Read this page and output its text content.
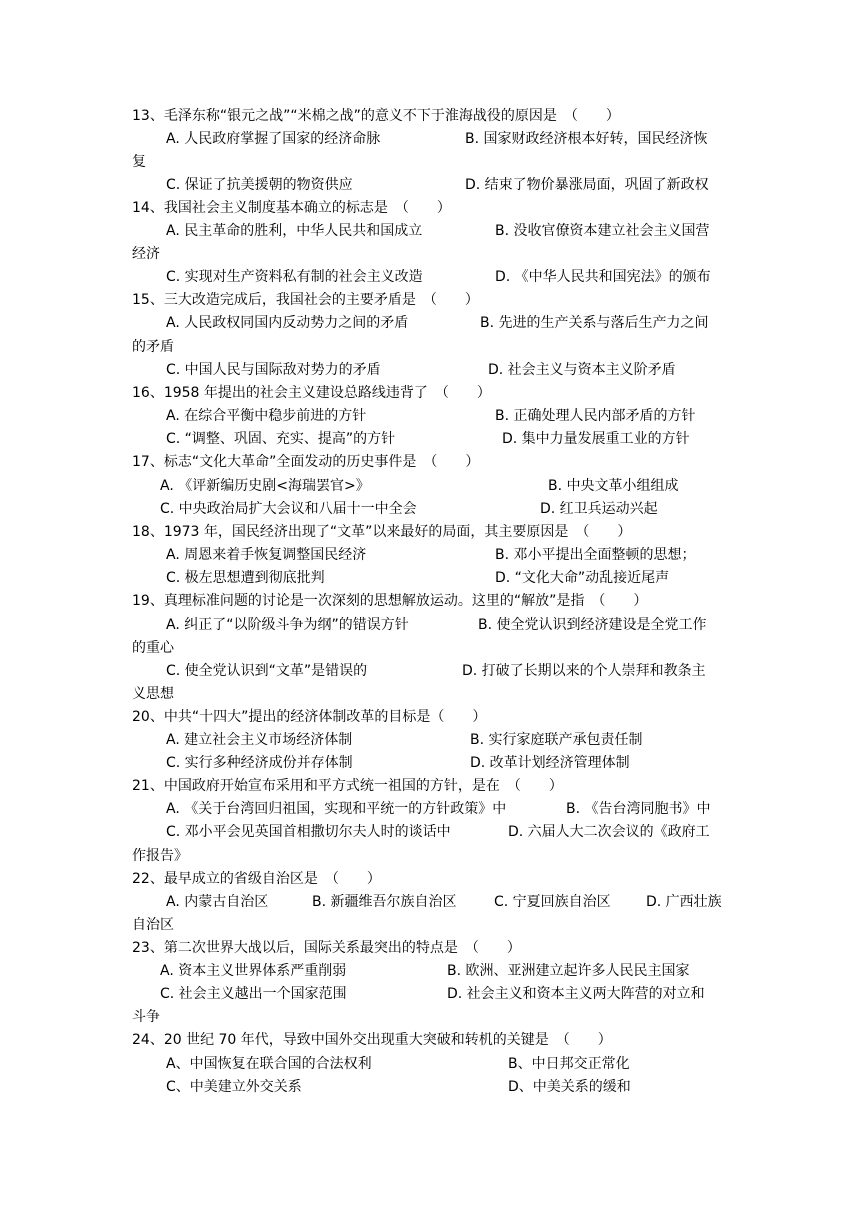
13、毛泽东称“银元之战”“米棉之战”的意义不下于淮海战役的原因是　（　　）
A. 人民政府掌握了国家的经济命脉	B. 国家财政经济根本好转，国民经济恢
复
C. 保证了抗美援朝的物资供应	D. 结束了物价暴涨局面，巩固了新政权
14、我国社会主义制度基本确立的标志是　（　　）
A. 民主革命的胜利，中华人民共和国成立	B. 没收官僚资本建立社会主义国营
经济
C. 实现对生产资料私有制的社会主义改造	D. 《中华人民共和国宪法》的颁布
15、三大改造完成后，我国社会的主要矛盾是　（　　）
A. 人民政权同国内反动势力之间的矛盾	B. 先进的生产关系与落后生产力之间
的矛盾
C. 中国人民与国际敌对势力的矛盾	D. 社会主义与资本主义阶矛盾
16、1958 年提出的社会主义建设总路线违背了　（　　）
A. 在综合平衡中稳步前进的方针	B. 正确处理人民内部矛盾的方针
C. “调整、巩固、充实、提高”的方针	D. 集中力量发展重工业的方针
17、标志“文化大革命”全面发动的历史事件是　（　　）
A. 《评新编历史剧<海瑞罢官>》	B. 中央文革小组组成
C. 中央政治局扩大会议和八届十一中全会	D. 红卫兵运动兴起
18、1973 年，国民经济出现了“文革”以来最好的局面，其主要原因是　（　　）
A. 周恩来着手恢复调整国民经济	B. 邓小平提出全面整顿的思想；
C. 极左思想遭到彻底批判	D. “文化大命”动乱接近尾声
19、真理标准问题的讨论是一次深刻的思想解放运动。这里的“解放”是指　（　　）
A. 纠正了“以阶级斗争为纲”的错误方针	B. 使全党认识到经济建设是全党工作
的重心
C. 使全党认识到“文革”是错误的	D. 打破了长期以来的个人崇拜和教条主
义思想
20、中共“十四大”提出的经济体制改革的目标是（　　）
A. 建立社会主义市场经济体制	B. 实行家庭联产承包责任制
C. 实行多种经济成份并存体制	D. 改革计划经济管理体制
21、中国政府开始宣布采用和平方式统一祖国的方针，是在　（　　）
A. 《关于台湾回归祖国，实现和平统一的方针政策》中	B. 《告台湾同胞书》中
C. 邓小平会见英国首相撒切尔夫人时的谈话中	D. 六届人大二次会议的《政府工
作报告》
22、最早成立的省级自治区是　（　　）
A. 内蒙古自治区	B. 新疆维吾尔族自治区	C. 宁夏回族自治区	D. 广西壮族
自治区
23、第二次世界大战以后，国际关系最突出的特点是　（　　）
A. 资本主义世界体系严重削弱	B. 欧洲、亚洲建立起许多人民民主国家
C. 社会主义越出一个国家范围	D. 社会主义和资本主义两大阵营的对立和
斗争
24、20 世纪 70 年代，导致中国外交出现重大突破和转机的关键是　（　　）
A、中国恢复在联合国的合法权利	B、中日邦交正常化
C、中美建立外交关系	D、中美关系的缓和
